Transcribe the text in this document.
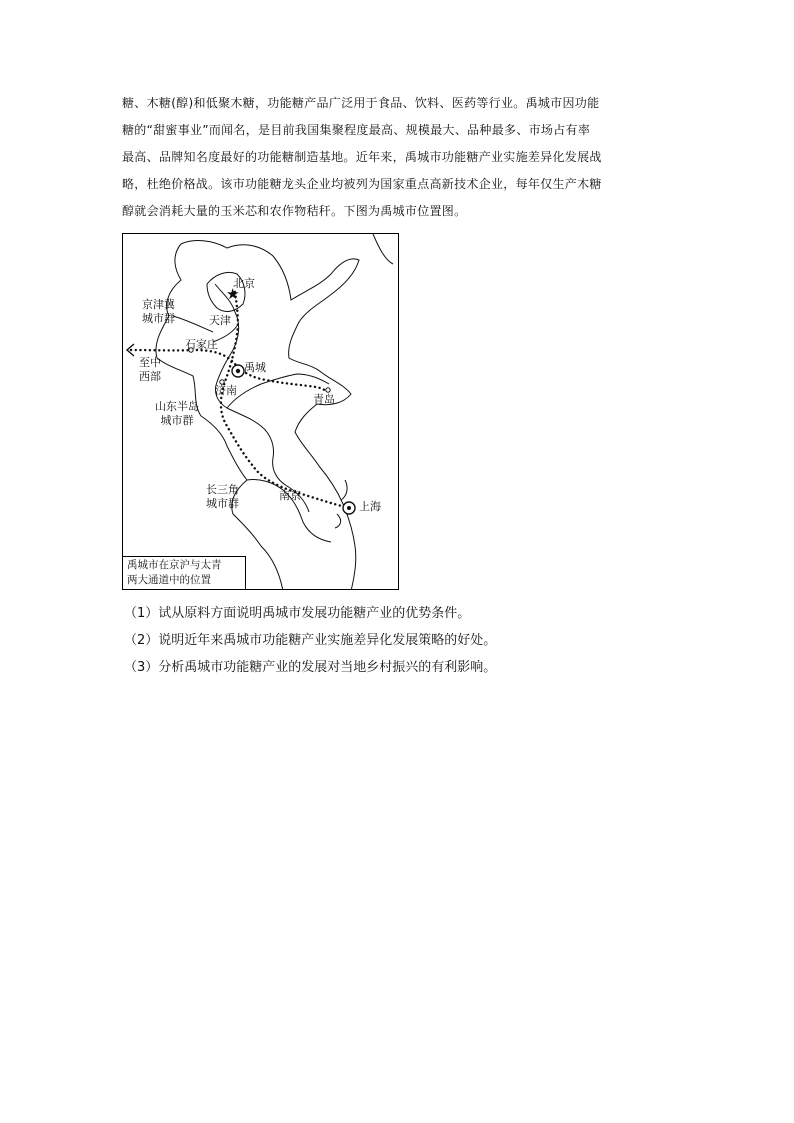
糖、木糖(醇)和低聚木糖，功能糖产品广泛用于食品、饮料、医药等行业。禹城市因功能
糖的“甜蜜事业”而闻名，是目前我国集聚程度最高、规模最大、品种最多、市场占有率
最高、品牌知名度最好的功能糖制造基地。近年来，禹城市功能糖产业实施差异化发展战
略，杜绝价格战。该市功能糖龙头企业均被列为国家重点高新技术企业，每年仅生产木糖
醇就会消耗大量的玉米芯和农作物秸秆。下图为禹城市位置图。
★
北京
天津
京津冀
城市群
石家庄
禹城
至中
西部
济南
青岛
山东半岛
城市群
长三角
城市群
南京
上海
禹城市在京沪与太青
两大通道中的位置
（1）试从原料方面说明禹城市发展功能糖产业的优势条件。
（2）说明近年来禹城市功能糖产业实施差异化发展策略的好处。
（3）分析禹城市功能糖产业的发展对当地乡村振兴的有利影响。
